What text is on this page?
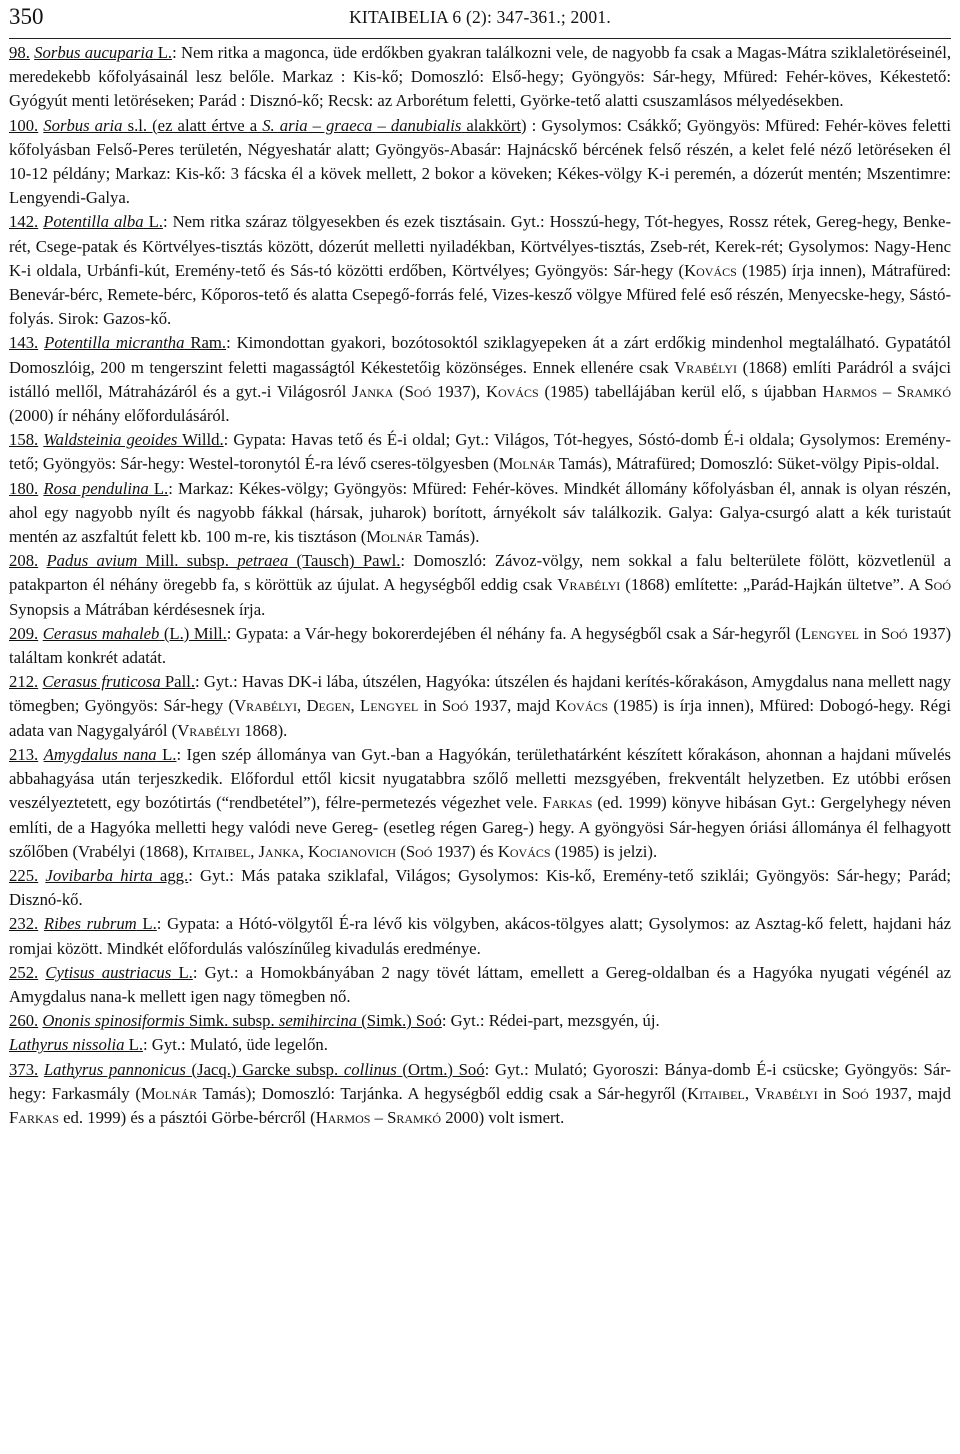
350	KITAIBELIA 6 (2): 347-361.; 2001.

98. Sorbus aucuparia L.: Nem ritka a magonca, üde erdőkben gyakran találkozni vele, de nagyobb fa csak a Magas-Mátra sziklaletöréseinél, meredekebb kőfolyásainál lesz belőle. Markaz : Kis-kő; Domoszló: Első-hegy; Gyöngyös: Sár-hegy, Mfüred: Fehér-köves, Kékestető: Gyógyút menti letöréseken; Parád : Disznó-kő; Recsk: az Arborétum feletti, Györke-tető alatti csuszamlásos mélyedésekben.

100. Sorbus aria s.l. (ez alatt értve a S. aria – graeca – danubialis alakkört) : Gysolymos: Csákkő; Gyöngyös: Mfüred: Fehér-köves feletti kőfolyásban Felső-Peres területén, Négyeshatár alatt; Gyöngyös-Abasár: Hajnácskő bércének felső részén, a kelet felé néző letöréseken él 10-12 példány; Markaz: Kis-kő: 3 fácska él a kövek mellett, 2 bokor a köveken; Kékes-völgy K-i peremén, a dózerút mentén; Mszentimre: Lengyendi-Galya.

142. Potentilla alba L.: Nem ritka száraz tölgyesekben és ezek tisztásain. Gyt.: Hosszú-hegy, Tót-hegyes, Rossz rétek, Gereg-hegy, Benke-rét, Csege-patak és Körtvélyes-tisztás között, dózerút melletti nyiladékban, Körtvélyes-tisztás, Zseb-rét, Kerek-rét; Gysolymos: Nagy-Henc K-i oldala, Urbánfi-kút, Eremény-tető és Sás-tó közötti erdőben, Körtvélyes; Gyöngyös: Sár-hegy (Kovács (1985) írja innen), Mátrafüred: Benevár-bérc, Remete-bérc, Kőporos-tető és alatta Csepegő-forrás felé, Vizes-kesző völgye Mfüred felé eső részén, Menyecske-hegy, Sástó-folyás. Sirok: Gazos-kő.

143. Potentilla micrantha Ram.: Kimondottan gyakori, bozótosoktól sziklagyepeken át a zárt erdőkig mindenhol megtalálható. Gypatától Domoszlóig, 200 m tengerszint feletti magasságtól Kékestetőig közönséges. Ennek ellenére csak Vrabélyi (1868) említi Parádról a svájci istálló mellől, Mátraházáról és a gyt.-i Világosról Janka (Soó 1937), Kovács (1985) tabellájában kerül elő, s újabban Harmos – Sramkó (2000) ír néhány előfordulásáról.

158. Waldsteinia geoides Willd.: Gypata: Havas tető és É-i oldal; Gyt.: Világos, Tót-hegyes, Sóstó-domb É-i oldala; Gysolymos: Eremény-tető; Gyöngyös: Sár-hegy: Westel-toronytól É-ra lévő cseres-tölgyesben (Molnár Tamás), Mátrafüred; Domoszló: Süket-völgy Pipis-oldal.

180. Rosa pendulina L.: Markaz: Kékes-völgy; Gyöngyös: Mfüred: Fehér-köves. Mindkét állomány kőfolyásban él, annak is olyan részén, ahol egy nagyobb nyílt és nagyobb fákkal (hársak, juharok) borított, árnyékolt sáv találkozik. Galya: Galya-csurgó alatt a kék turistaút mentén az aszfaltút felett kb. 100 m-re, kis tisztáson (Molnár Tamás).

208. Padus avium Mill. subsp. petraea (Tausch) Pawl.: Domoszló: Závoz-völgy, nem sokkal a falu belterülete fölött, közvetlenül a patakparton él néhány öregebb fa, s köröttük az újulat. A hegységből eddig csak Vrabélyi (1868) említette: „Parád-Hajkán ültetve”. A Soó Synopsis a Mátrában kérdésesnek írja.

209. Cerasus mahaleb (L.) Mill.: Gypata: a Vár-hegy bokorerdejében él néhány fa. A hegységből csak a Sár-hegyről (Lengyel in Soó 1937) találtam konkrét adatát.

212. Cerasus fruticosa Pall.: Gyt.: Havas DK-i lába, útszélen, Hagyóka: útszélen és hajdani kerítés-kőrakáson, Amygdalus nana mellett nagy tömegben; Gyöngyös: Sár-hegy (Vrabélyi, Degen, Lengyel in Soó 1937, majd Kovács (1985) is írja innen), Mfüred: Dobogó-hegy. Régi adata van Nagygalyáról (Vrabélyi 1868).

213. Amygdalus nana L.: Igen szép állománya van Gyt.-ban a Hagyókán, területhatárként készített kőrakáson, ahonnan a hajdani művelés abbahagyása után terjeszkedik. Előfordul ettől kicsit nyugatabbra szőlő melletti mezsgyében, frekventált helyzetben. Ez utóbbi erősen veszélyeztetett, egy bozótirtás (“rendbetétel”), félre-permetezés végezhet vele. Farkas (ed. 1999) könyve hibásan Gyt.: Gergelyhegy néven említi, de a Hagyóka melletti hegy valódi neve Gereg- (esetleg régen Gareg-) hegy. A gyöngyösi Sár-hegyen óriási állománya él felhagyott szőlőben (Vrabélyi (1868), Kitaibel, Janka, Kocianovich (Soó 1937) és Kovács (1985) is jelzi).

225. Jovibarba hirta agg.: Gyt.: Más pataka sziklafal, Világos; Gysolymos: Kis-kő, Eremény-tető sziklái; Gyöngyös: Sár-hegy; Parád; Disznó-kő.

232. Ribes rubrum L.: Gypata: a Hótó-völgytől É-ra lévő kis völgyben, akácos-tölgyes alatt; Gysolymos: az Asztag-kő felett, hajdani ház romjai között. Mindkét előfordulás valószínűleg kivadulás eredménye.

252. Cytisus austriacus L.: Gyt.: a Homokbányában 2 nagy tövét láttam, emellett a Gereg-oldalban és a Hagyóka nyugati végénél az Amygdalus nana-k mellett igen nagy tömegben nő.

260. Ononis spinosiformis Simk. subsp. semihircina (Simk.) Soó: Gyt.: Rédei-part, mezsgyén, új.

Lathyrus nissolia L.: Gyt.: Mulató, üde legelőn.

373. Lathyrus pannonicus (Jacq.) Garcke subsp. collinus (Ortm.) Soó: Gyt.: Mulató; Gyoroszi: Bánya-domb É-i csücske; Gyöngyös: Sár-hegy: Farkasmály (Molnár Tamás); Domoszló: Tarjánka. A hegységből eddig csak a Sár-hegyről (Kitaibel, Vrabélyi in Soó 1937, majd Farkas ed. 1999) és a pásztói Görbe-bércről (Harmos – Sramkó 2000) volt ismert.
